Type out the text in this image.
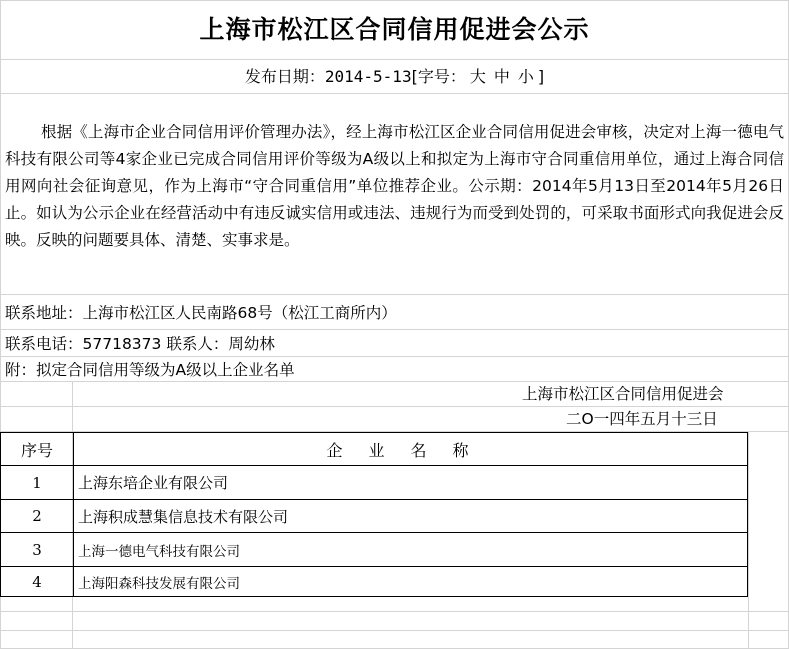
上海市松江区合同信用促进会公示
发布日期：2014-5-13[字号： 大 中 小 ]
根据《上海市企业合同信用评价管理办法》，经上海市松江区企业合同信用促进会审核，决定对上海一德电气科技有限公司等4家企业已完成合同信用评价等级为A级以上和拟定为上海市守合同重信用单位，通过上海合同信用网向社会征询意见，作为上海市“守合同重信用”单位推荐企业。公示期：2014年5月13日至2014年5月26日止。如认为公示企业在经营活动中有违反诚实信用或违法、违规行为而受到处罚的，可采取书面形式向我促进会反映。反映的问题要具体、清楚、实事求是。
联系地址：上海市松江区人民南路68号（松江工商所内）
联系电话：57718373 联系人：周幼林
附：拟定合同信用等级为A级以上企业名单
上海市松江区合同信用促进会
二O一四年五月十三日
序号	企业名称
1	上海东培企业有限公司
2	上海积成慧集信息技术有限公司
3	上海一德电气科技有限公司
4	上海阳森科技发展有限公司
